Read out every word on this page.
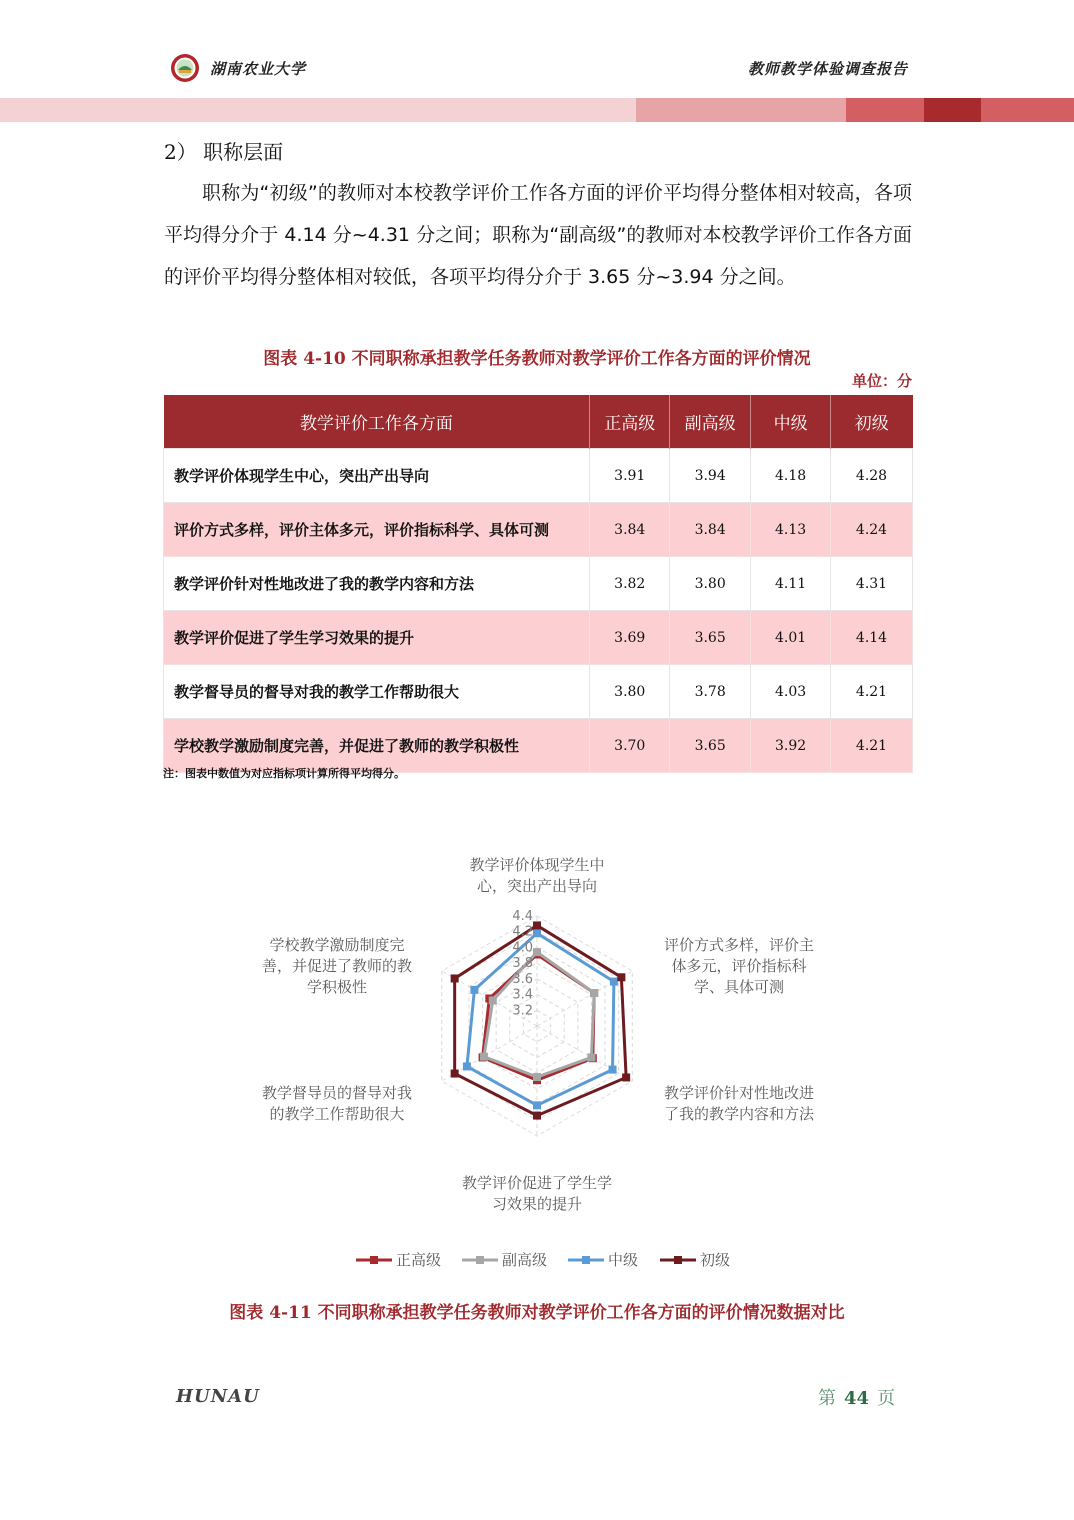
湖南农业大学	教师教学体验调查报告
2） 职称层面

职称为“初级”的教师对本校教学评价工作各方面的评价平均得分整体相对较高，各项平均得分介于 4.14 分~4.31 分之间；职称为“副高级”的教师对本校教学评价工作各方面的评价平均得分整体相对较低，各项平均得分介于 3.65 分~3.94 分之间。

图表 4-10 不同职称承担教学任务教师对教学评价工作各方面的评价情况
单位：分
教学评价工作各方面	正高级	副高级	中级	初级
教学评价体现学生中心，突出产出导向	3.91	3.94	4.18	4.28
评价方式多样，评价主体多元，评价指标科学、具体可测	3.84	3.84	4.13	4.24
教学评价针对性地改进了我的教学内容和方法	3.82	3.80	4.11	4.31
教学评价促进了学生学习效果的提升	3.69	3.65	4.01	4.14
教学督导员的督导对我的教学工作帮助很大	3.80	3.78	4.03	4.21
学校教学激励制度完善，并促进了教师的教学积极性	3.70	3.65	3.92	4.21
注：图表中数值为对应指标项计算所得平均得分。
3.2
3.4
3.6
3.8
4.0
4.2
4.4
教学评价体现学生中心，突出产出导向
评价方式多样，评价主体多元，评价指标科学、具体可测
教学评价针对性地改进了我的教学内容和方法
教学评价促进了学生学习效果的提升
教学督导员的督导对我的教学工作帮助很大
学校教学激励制度完善，并促进了教师的教学积极性
正高级	副高级	中级	初级
图表 4-11 不同职称承担教学任务教师对教学评价工作各方面的评价情况数据对比
HUNAU	第 44 页
